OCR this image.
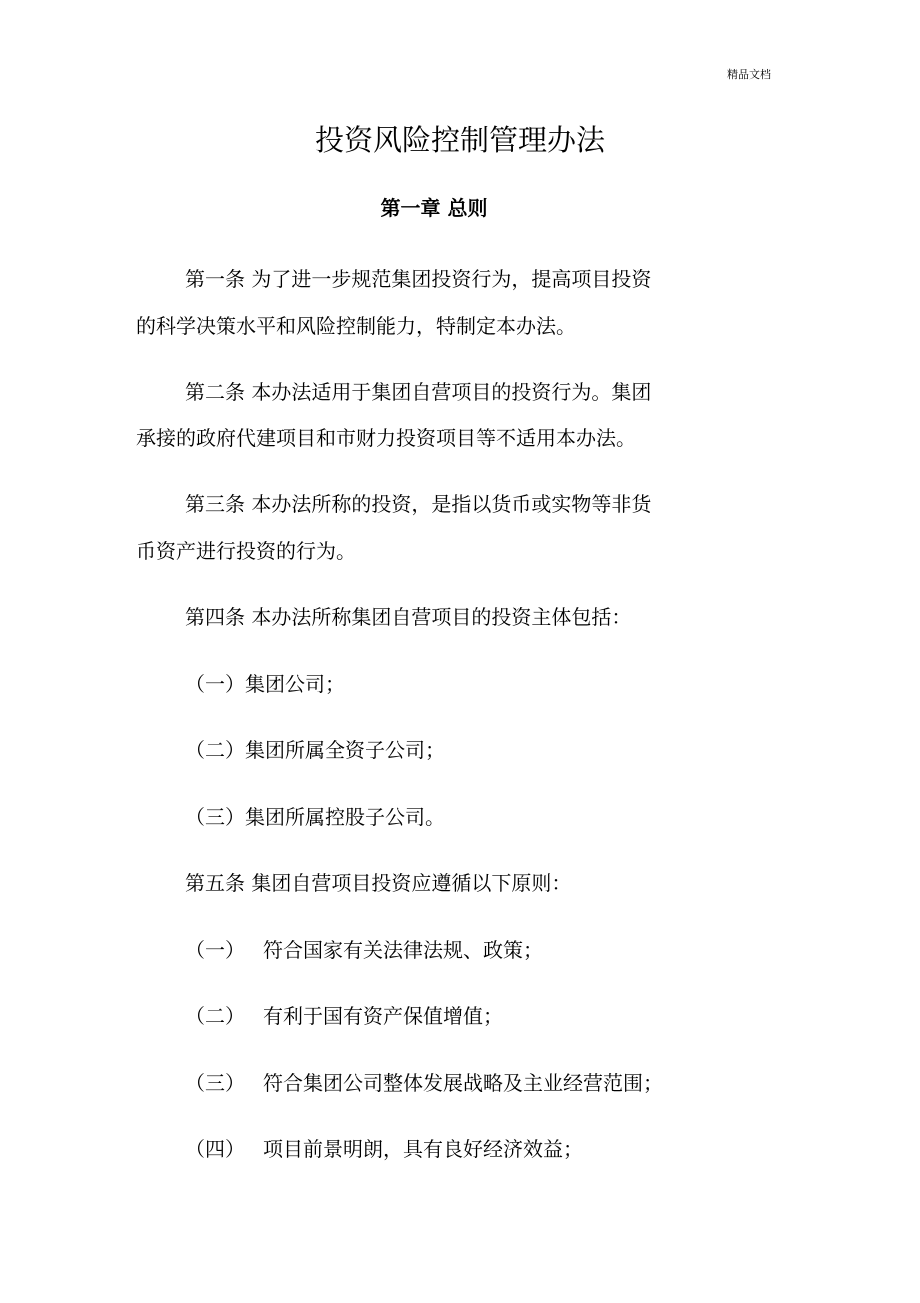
精品文档
投资风险控制管理办法
第一章 总则
第一条 为了进一步规范集团投资行为，提高项目投资
的科学决策水平和风险控制能力，特制定本办法。
第二条 本办法适用于集团自营项目的投资行为。集团
承接的政府代建项目和市财力投资项目等不适用本办法。
第三条 本办法所称的投资，是指以货币或实物等非货
币资产进行投资的行为。
第四条 本办法所称集团自营项目的投资主体包括：
（一）集团公司；
（二）集团所属全资子公司；
（三）集团所属控股子公司。
第五条 集团自营项目投资应遵循以下原则：
（一） 符合国家有关法律法规、政策；
（二） 有利于国有资产保值增值；
（三） 符合集团公司整体发展战略及主业经营范围；
（四） 项目前景明朗，具有良好经济效益；
